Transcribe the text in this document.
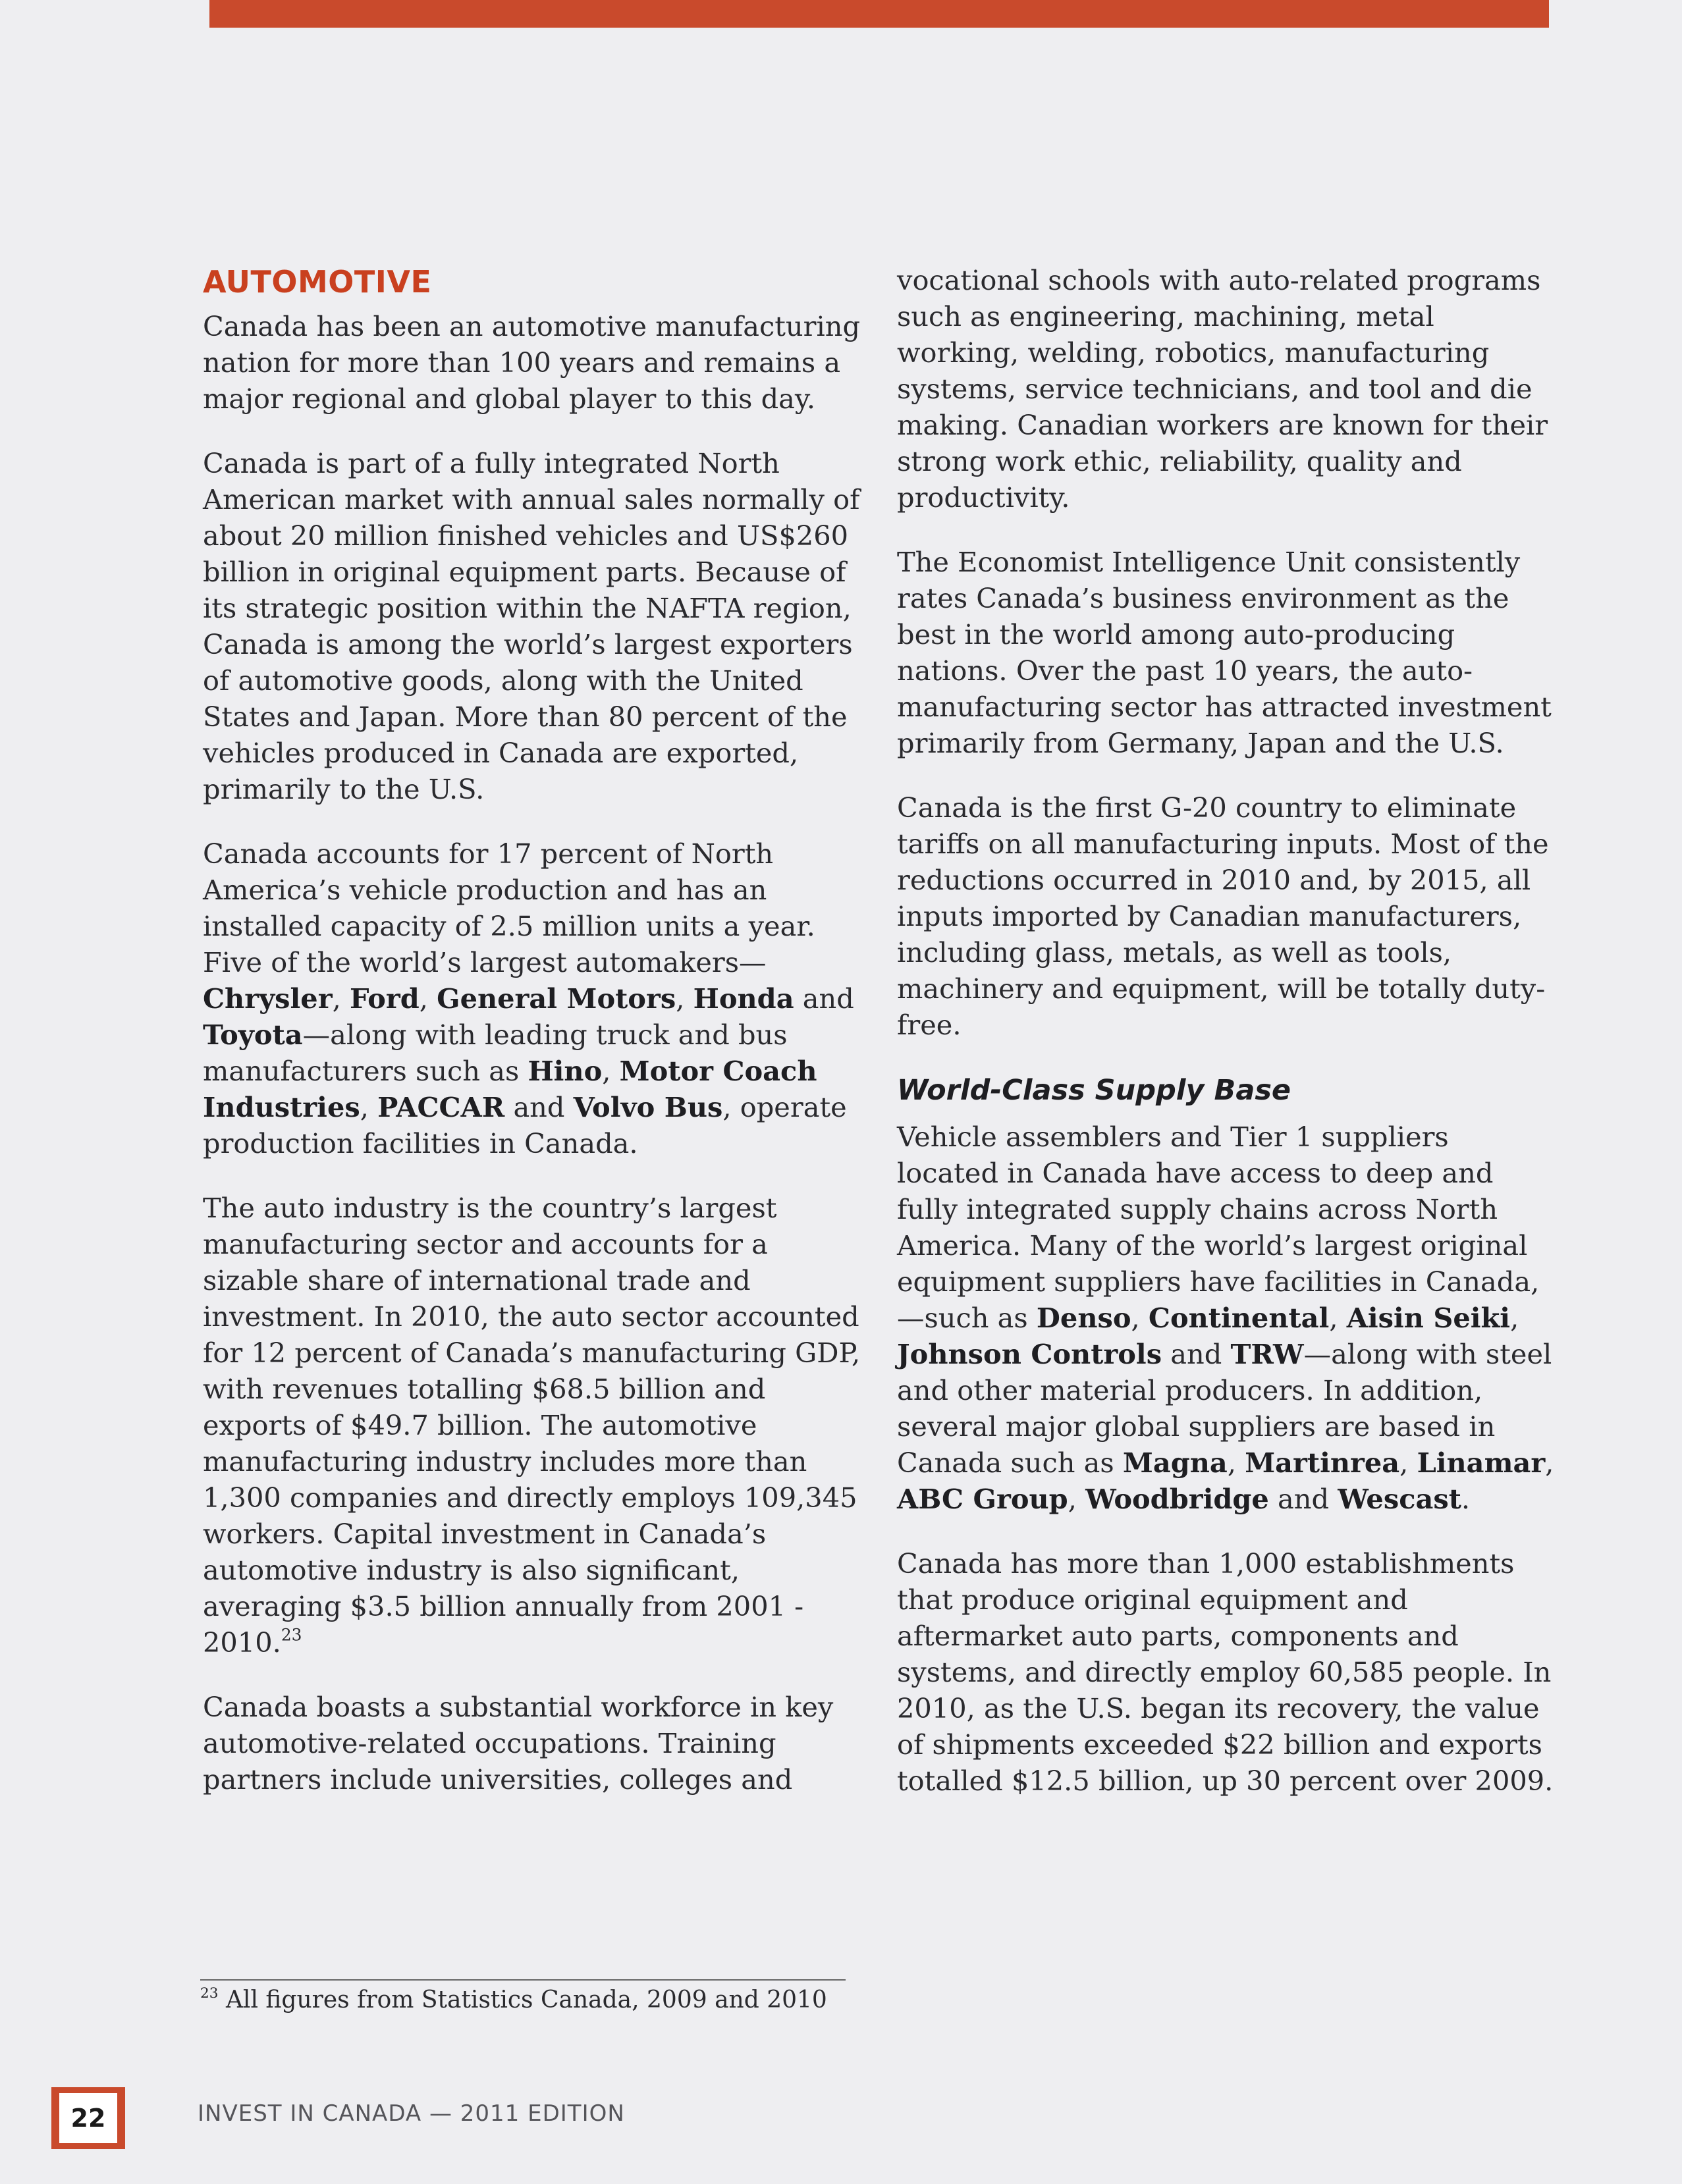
AUTOMOTIVE

Canada has been an automotive manufacturing nation for more than 100 years and remains a major regional and global player to this day.

Canada is part of a fully integrated North American market with annual sales normally of about 20 million finished vehicles and US$260 billion in original equipment parts. Because of its strategic position within the NAFTA region, Canada is among the world’s largest exporters of automotive goods, along with the United States and Japan. More than 80 percent of the vehicles produced in Canada are exported, primarily to the U.S.

Canada accounts for 17 percent of North America’s vehicle production and has an installed capacity of 2.5 million units a year. Five of the world’s largest automakers—Chrysler, Ford, General Motors, Honda and Toyota—along with leading truck and bus manufacturers such as Hino, Motor Coach Industries, PACCAR and Volvo Bus, operate production facilities in Canada.

The auto industry is the country’s largest manufacturing sector and accounts for a sizable share of international trade and investment. In 2010, the auto sector accounted for 12 percent of Canada’s manufacturing GDP, with revenues totalling $68.5 billion and exports of $49.7 billion. The automotive manufacturing industry includes more than 1,300 companies and directly employs 109,345 workers. Capital investment in Canada’s automotive industry is also significant, averaging $3.5 billion annually from 2001 - 2010.23

Canada boasts a substantial workforce in key automotive-related occupations. Training partners include universities, colleges and

vocational schools with auto-related programs such as engineering, machining, metal working, welding, robotics, manufacturing systems, service technicians, and tool and die making. Canadian workers are known for their strong work ethic, reliability, quality and productivity.

The Economist Intelligence Unit consistently rates Canada’s business environment as the best in the world among auto-producing nations. Over the past 10 years, the auto-manufacturing sector has attracted investment primarily from Germany, Japan and the U.S.

Canada is the first G-20 country to eliminate tariffs on all manufacturing inputs. Most of the reductions occurred in 2010 and, by 2015, all inputs imported by Canadian manufacturers, including glass, metals, as well as tools, machinery and equipment, will be totally duty-free.

World-Class Supply Base

Vehicle assemblers and Tier 1 suppliers located in Canada have access to deep and fully integrated supply chains across North America. Many of the world’s largest original equipment suppliers have facilities in Canada, —such as Denso, Continental, Aisin Seiki, Johnson Controls and TRW—along with steel and other material producers. In addition, several major global suppliers are based in Canada such as Magna, Martinrea, Linamar, ABC Group, Woodbridge and Wescast.

Canada has more than 1,000 establishments that produce original equipment and aftermarket auto parts, components and systems, and directly employ 60,585 people. In 2010, as the U.S. began its recovery, the value of shipments exceeded $22 billion and exports totalled $12.5 billion, up 30 percent over 2009.

$^{23}$ All figures from Statistics Canada, 2009 and 2010
22	INVEST IN CANADA — 2011 EDITION
